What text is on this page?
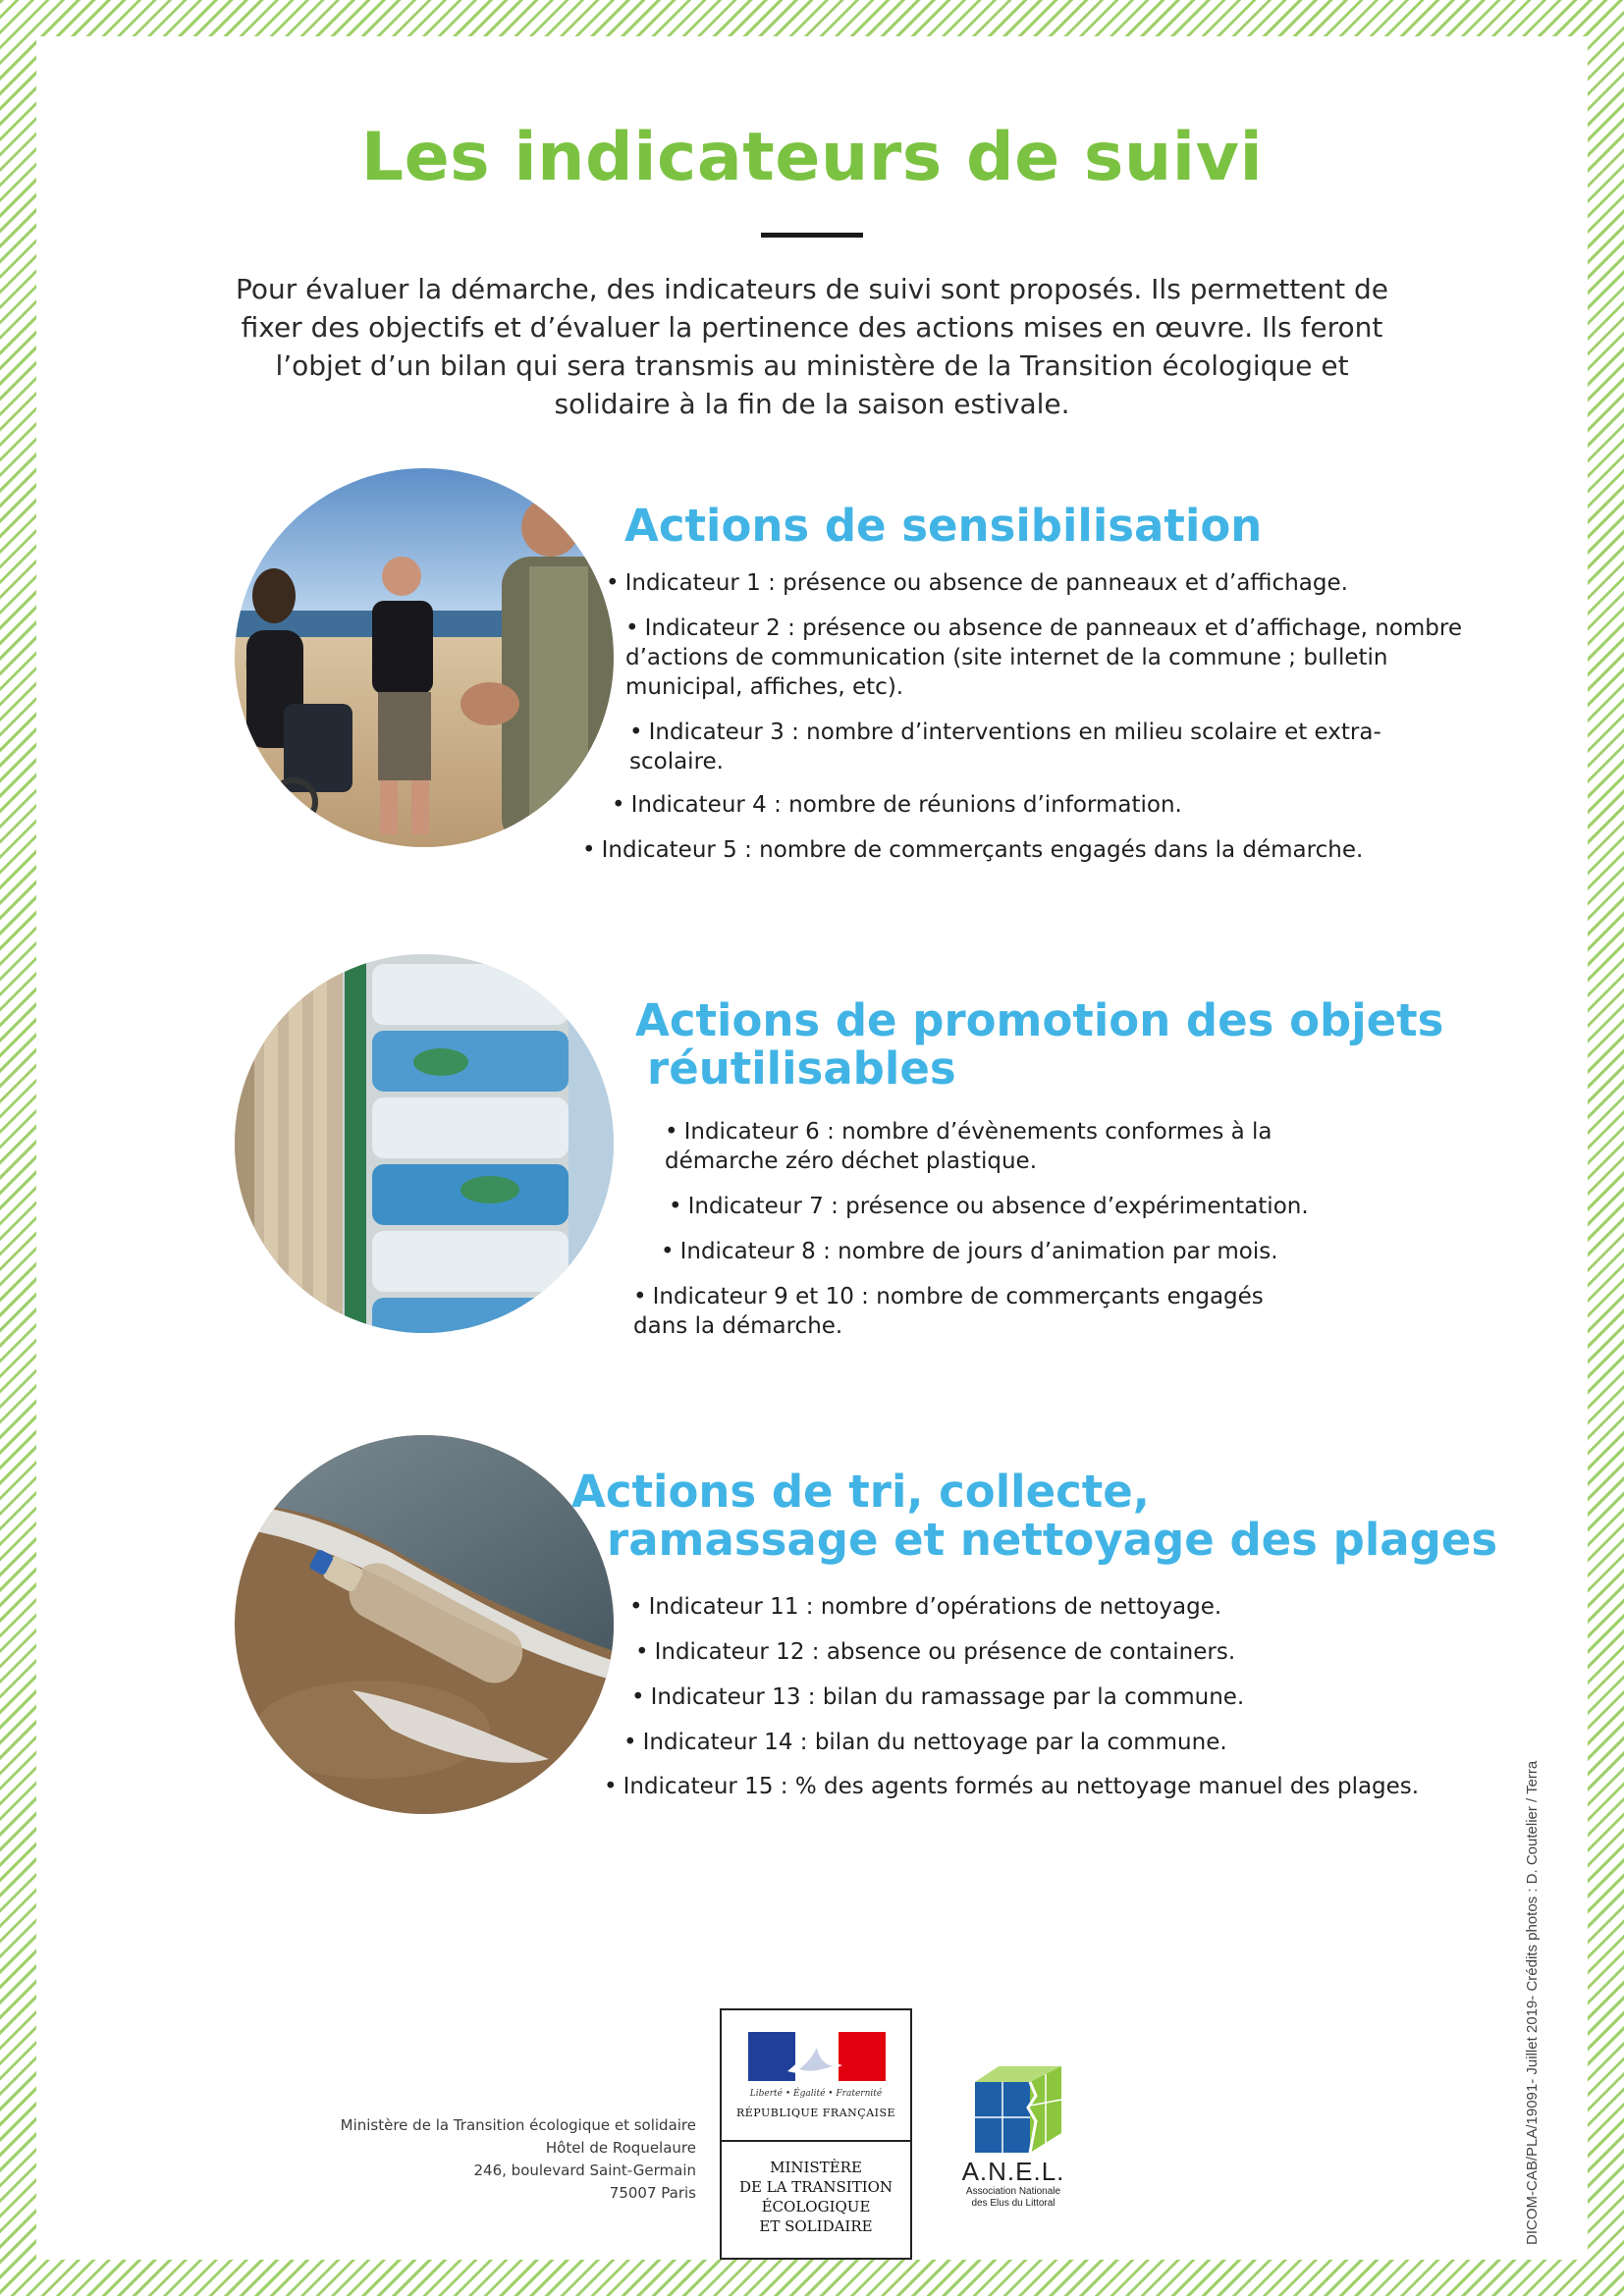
Les indicateurs de suivi

Pour évaluer la démarche, des indicateurs de suivi sont proposés. Ils permettent de fixer des objectifs et d’évaluer la pertinence des actions mises en œuvre. Ils feront l’objet d’un bilan qui sera transmis au ministère de la Transition écologique et solidaire à la fin de la saison estivale.

Actions de sensibilisation

• Indicateur 1 : présence ou absence de panneaux et d’affichage.

• Indicateur 2 : présence ou absence de panneaux et d’affichage, nombre d’actions de communication (site internet de la commune ; bulletin municipal, affiches, etc).

• Indicateur 3 : nombre d’interventions en milieu scolaire et extra-scolaire.

• Indicateur 4 : nombre de réunions d’information.

• Indicateur 5 : nombre de commerçants engagés dans la démarche.

Actions de promotion des objets
réutilisables

• Indicateur 6 : nombre d’évènements conformes à la démarche zéro déchet plastique.

• Indicateur 7 : présence ou absence d’expérimentation.

• Indicateur 8 : nombre de jours d’animation par mois.

• Indicateur 9 et 10 : nombre de commerçants engagés dans la démarche.

Actions de tri, collecte,
ramassage et nettoyage des plages

• Indicateur 11 : nombre d’opérations de nettoyage.

• Indicateur 12 : absence ou présence de containers.

• Indicateur 13 : bilan du ramassage par la commune.

• Indicateur 14 : bilan du nettoyage par la commune.

• Indicateur 15 : % des agents formés au nettoyage manuel des plages.

Ministère de la Transition écologique et solidaire
Hôtel de Roquelaure
246, boulevard Saint-Germain
75007 Paris
Liberté • Égalité • Fraternité
RÉPUBLIQUE FRANÇAISE
MINISTÈRE
DE LA TRANSITION
ÉCOLOGIQUE
ET SOLIDAIRE
A.N.E.L.
Association Nationale
des Elus du Littoral	DICOM-CAB/PLA/19091- Juillet 2019- Crédits photos : D. Coutelier / Terra
